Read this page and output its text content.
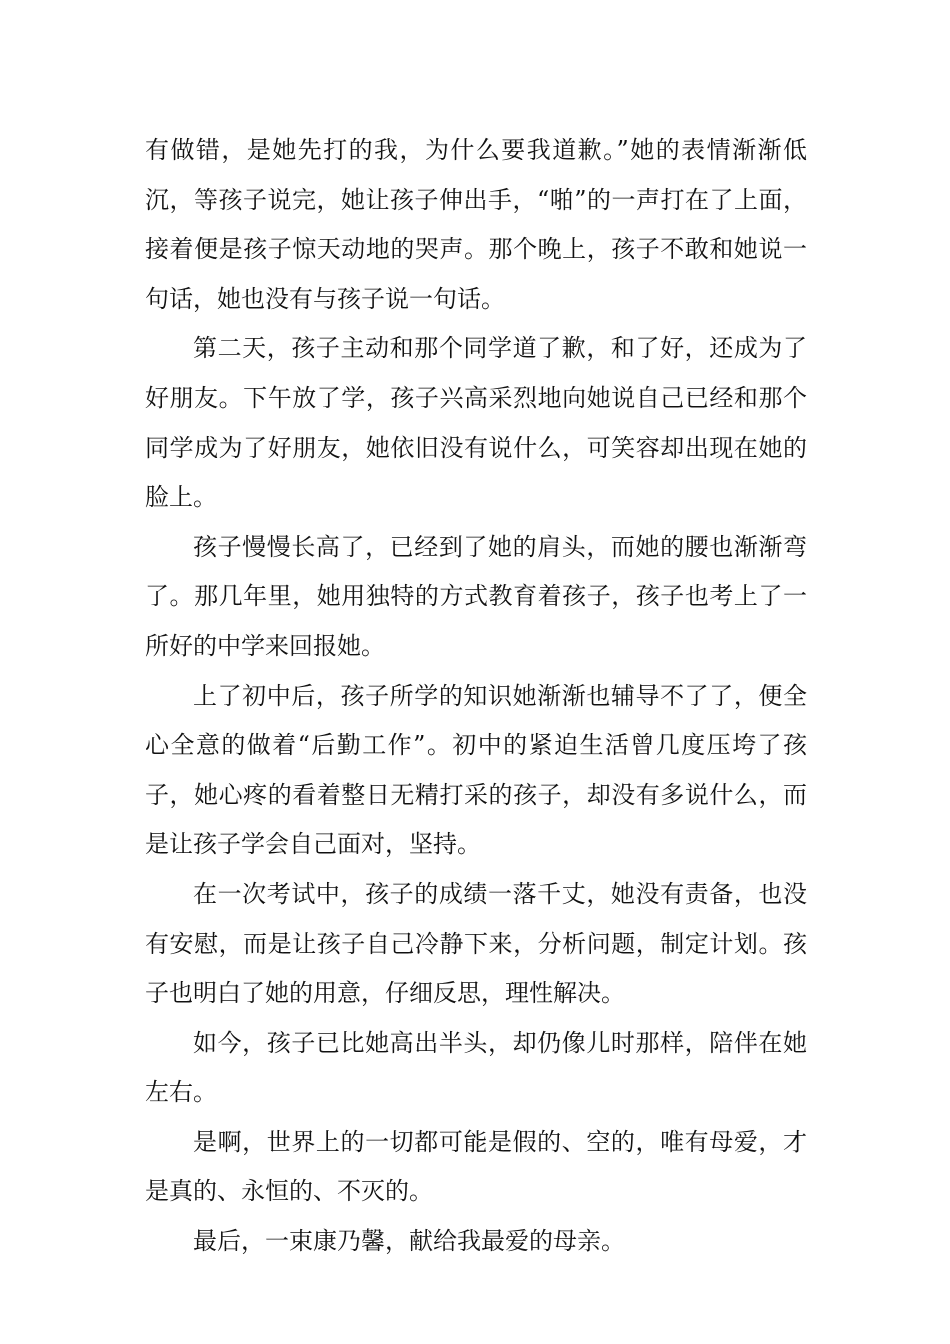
有做错，是她先打的我，为什么要我道歉。”她的表情渐渐低沉，等孩子说完，她让孩子伸出手，“啪”的一声打在了上面，接着便是孩子惊天动地的哭声。那个晚上，孩子不敢和她说一句话，她也没有与孩子说一句话。

第二天，孩子主动和那个同学道了歉，和了好，还成为了好朋友。下午放了学，孩子兴高采烈地向她说自己已经和那个同学成为了好朋友，她依旧没有说什么，可笑容却出现在她的脸上。

孩子慢慢长高了，已经到了她的肩头，而她的腰也渐渐弯了。那几年里，她用独特的方式教育着孩子，孩子也考上了一所好的中学来回报她。

上了初中后，孩子所学的知识她渐渐也辅导不了了，便全心全意的做着“后勤工作”。初中的紧迫生活曾几度压垮了孩子，她心疼的看着整日无精打采的孩子，却没有多说什么，而是让孩子学会自己面对，坚持。

在一次考试中，孩子的成绩一落千丈，她没有责备，也没有安慰，而是让孩子自己冷静下来，分析问题，制定计划。孩子也明白了她的用意，仔细反思，理性解决。

如今，孩子已比她高出半头，却仍像儿时那样，陪伴在她左右。

是啊，世界上的一切都可能是假的、空的，唯有母爱，才是真的、永恒的、不灭的。

最后，一束康乃馨，献给我最爱的母亲。
